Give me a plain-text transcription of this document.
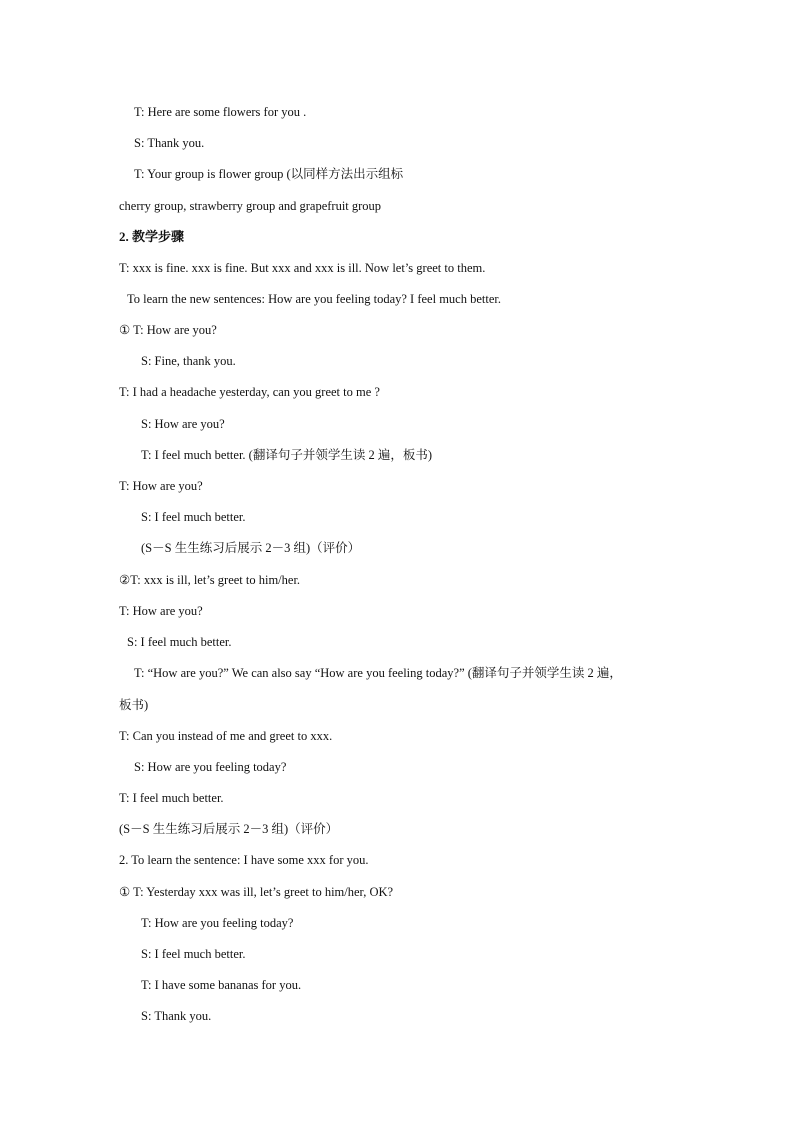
T: Here are some flowers for you .
S: Thank you.
T: Your group is flower group (以同样方法出示组标
cherry group, strawberry group and grapefruit group
2. 教学步骤
T: xxx is fine. xxx is fine. But xxx and xxx is ill. Now let’s greet to them.
To learn the new sentences: How are you feeling today? I feel much better.
① T: How are you?
S: Fine, thank you.
T: I had a headache yesterday, can you greet to me ?
S: How are you?
T: I feel much better. (翻译句子并领学生读 2 遍，板书)
T: How are you?
S: I feel much better.
(S－S 生生练习后展示 2－3 组)（评价）
②T: xxx is ill, let’s greet to him/her.
T: How are you?
S: I feel much better.
T: “How are you?” We can also say “How are you feeling today?” (翻译句子并领学生读 2 遍，
板书)
T: Can you instead of me and greet to xxx.
S: How are you feeling today?
T: I feel much better.
(S－S 生生练习后展示 2－3 组)（评价）
2. To learn the sentence: I have some xxx for you.
① T: Yesterday xxx was ill, let’s greet to him/her, OK?
T: How are you feeling today?
S: I feel much better.
T: I have some bananas for you.
S: Thank you.
